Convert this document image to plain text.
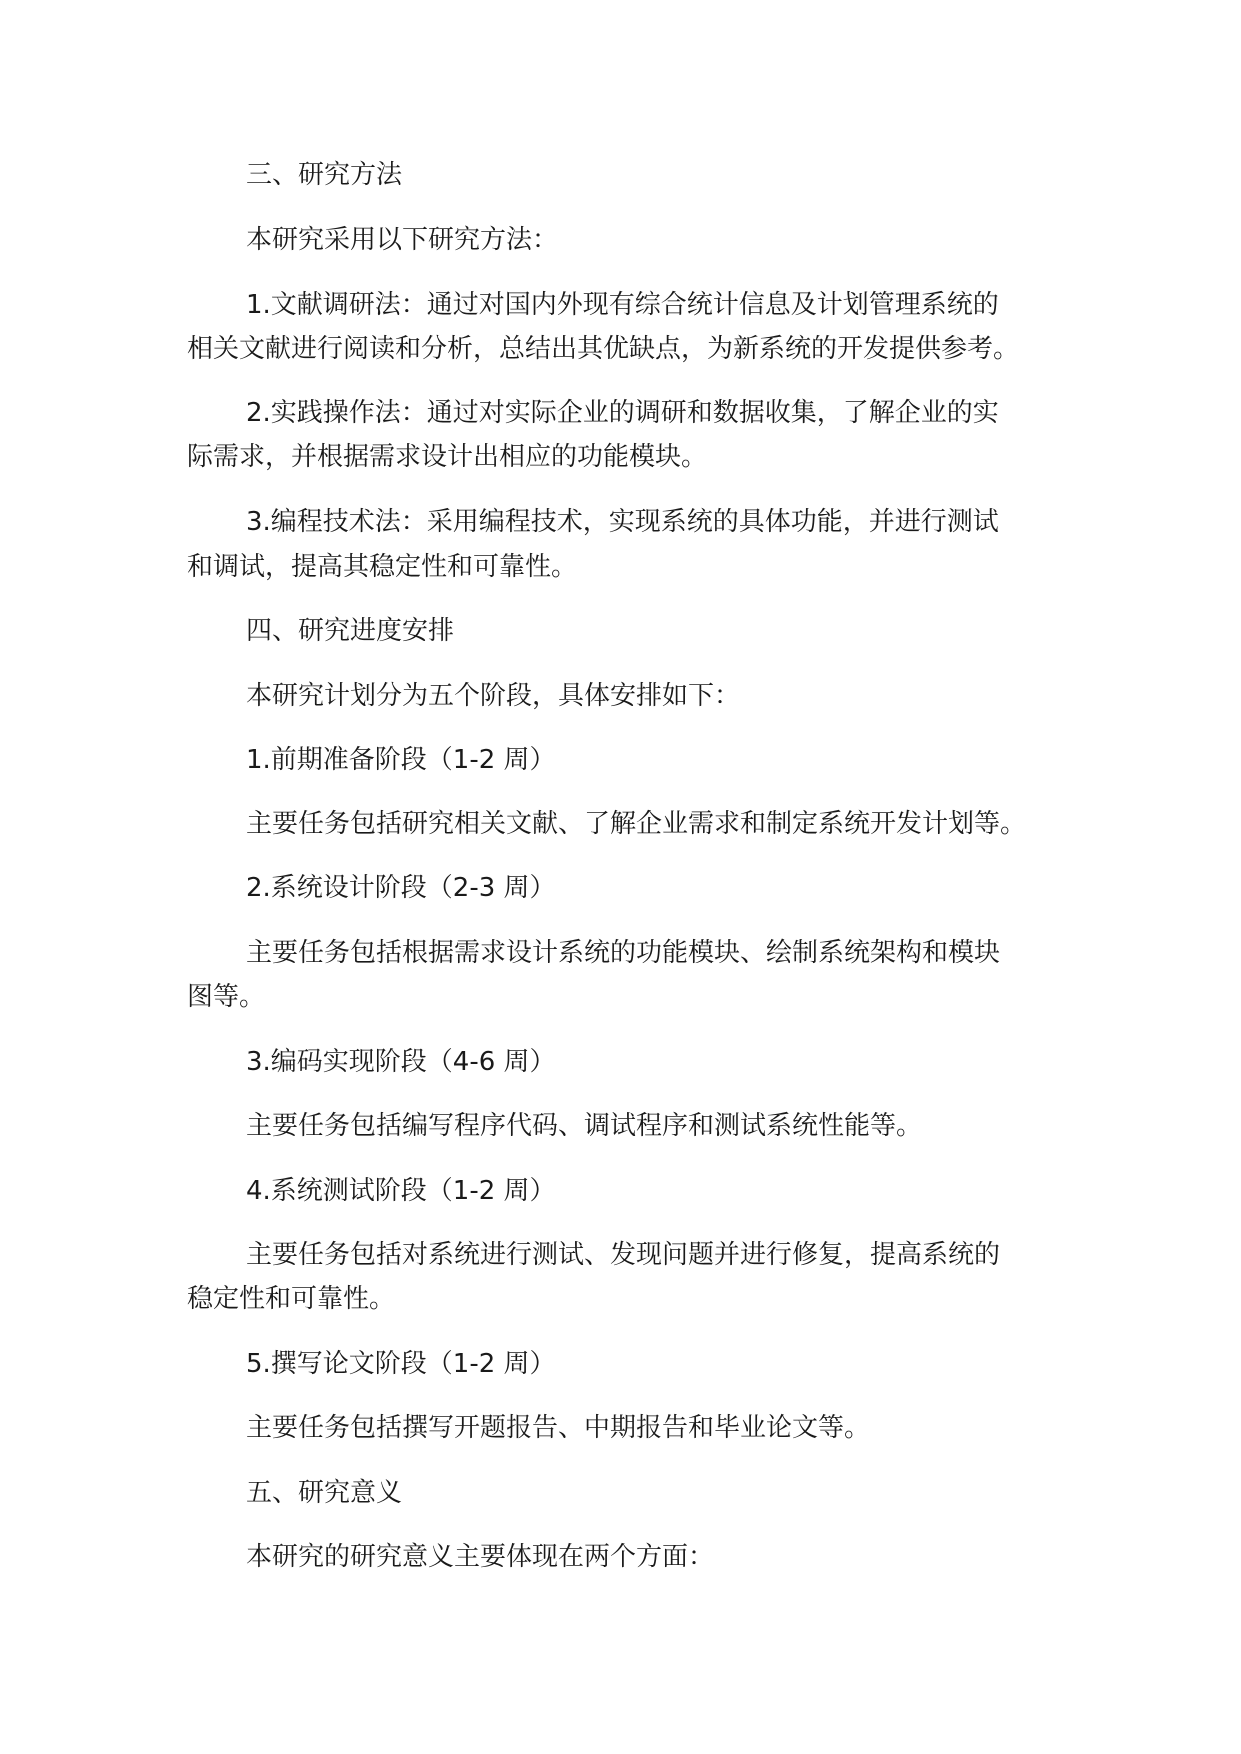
三、研究方法
本研究采用以下研究方法：
1.文献调研法：通过对国内外现有综合统计信息及计划管理系统的
相关文献进行阅读和分析，总结出其优缺点，为新系统的开发提供参考。
2.实践操作法：通过对实际企业的调研和数据收集，了解企业的实
际需求，并根据需求设计出相应的功能模块。
3.编程技术法：采用编程技术，实现系统的具体功能，并进行测试
和调试，提高其稳定性和可靠性。
四、研究进度安排
本研究计划分为五个阶段，具体安排如下：
1.前期准备阶段（1-2 周）
主要任务包括研究相关文献、了解企业需求和制定系统开发计划等。
2.系统设计阶段（2-3 周）
主要任务包括根据需求设计系统的功能模块、绘制系统架构和模块
图等。
3.编码实现阶段（4-6 周）
主要任务包括编写程序代码、调试程序和测试系统性能等。
4.系统测试阶段（1-2 周）
主要任务包括对系统进行测试、发现问题并进行修复，提高系统的
稳定性和可靠性。
5.撰写论文阶段（1-2 周）
主要任务包括撰写开题报告、中期报告和毕业论文等。
五、研究意义
本研究的研究意义主要体现在两个方面：
